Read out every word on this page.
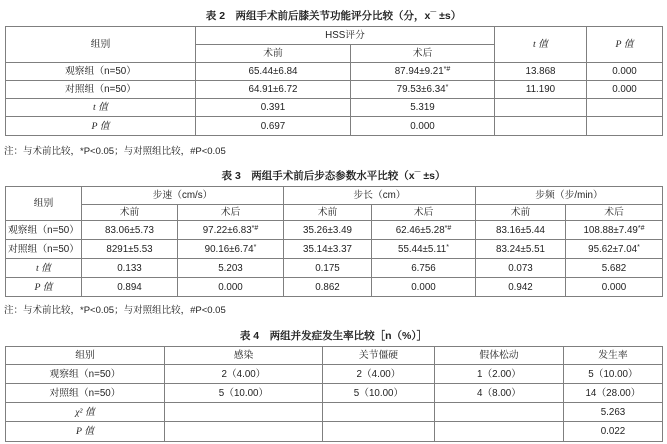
表 2　两组手术前后膝关节功能评分比较（分，x¯ ±s）
组别	HSS评分		t 值	P 值
	术前	术后		
观察组（n=50）	65.44±6.84	87.94±9.21*#	13.868	0.000
对照组（n=50）	64.91±6.72	79.53±6.34*	11.190	0.000
t 值	0.391	5.319		
P 值	0.697	0.000		
注：与术前比较，*P<0.05；与对照组比较，#P<0.05
表 3　两组手术前后步态参数水平比较（x¯ ±s）
组别	步速（cm/s）		步长（cm）		步频（步/min）	
	术前	术后	术前	术后	术前	术后
观察组（n=50）	83.06±5.73	97.22±6.83*#	35.26±3.49	62.46±5.28*#	83.16±5.44	108.88±7.49*#
对照组（n=50）	8291±5.53	90.16±6.74*	35.14±3.37	55.44±5.11*	83.24±5.51	95.62±7.04*
t 值	0.133	5.203	0.175	6.756	0.073	5.682
P 值	0.894	0.000	0.862	0.000	0.942	0.000
注：与术前比较，*P<0.05；与对照组比较，#P<0.05
表 4　两组并发症发生率比较［n（%）］
组别	感染	关节僵硬	假体松动	发生率
观察组（n=50）	2（4.00）	2（4.00）	1（2.00）	5（10.00）
对照组（n=50）	5（10.00）	5（10.00）	4（8.00）	14（28.00）
χ² 值				5.263
P 值				0.022
